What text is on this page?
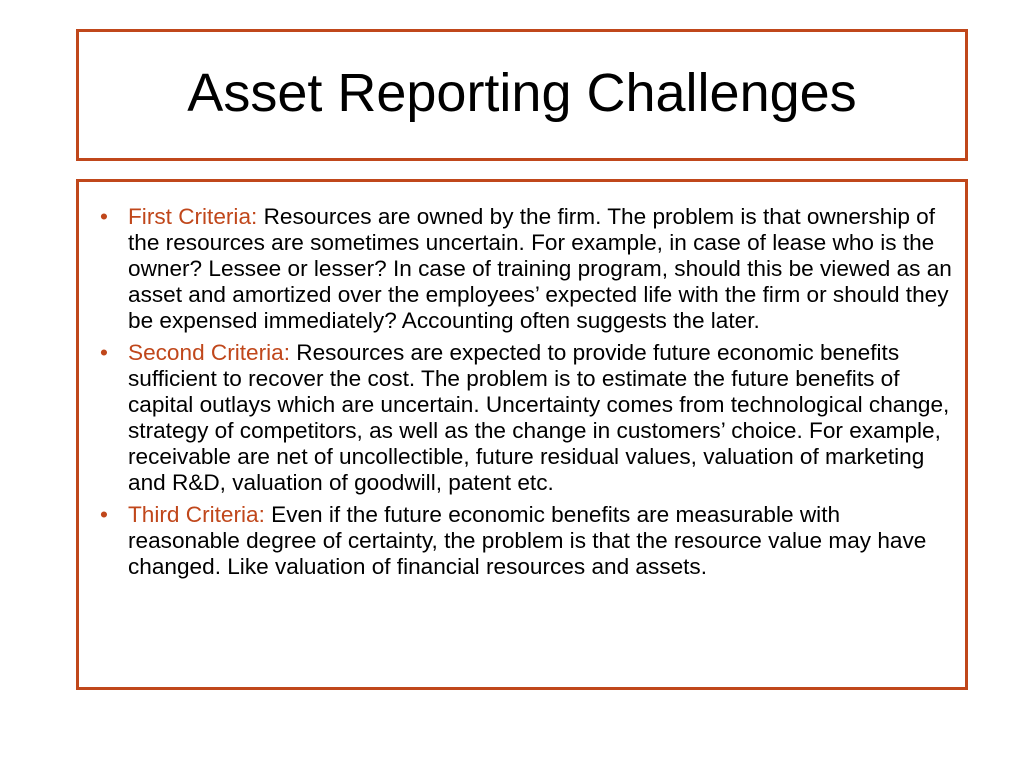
Asset Reporting Challenges
• First Criteria: Resources are owned by the firm. The problem is that ownership of the resources are sometimes uncertain. For example, in case of lease who is the owner? Lessee or lesser? In case of training program, should this be viewed as an asset and amortized over the employees’ expected life with the firm or should they be expensed immediately? Accounting often suggests the later.
• Second Criteria: Resources are expected to provide future economic benefits sufficient to recover the cost. The problem is to estimate the future benefits of capital outlays which are uncertain. Uncertainty comes from technological change, strategy of competitors, as well as the change in customers’ choice. For example, receivable are net of uncollectible, future residual values, valuation of marketing and R&D, valuation of goodwill, patent etc.
• Third Criteria: Even if the future economic benefits are measurable with reasonable degree of certainty, the problem is that the resource value may have changed. Like valuation of financial resources and assets.
